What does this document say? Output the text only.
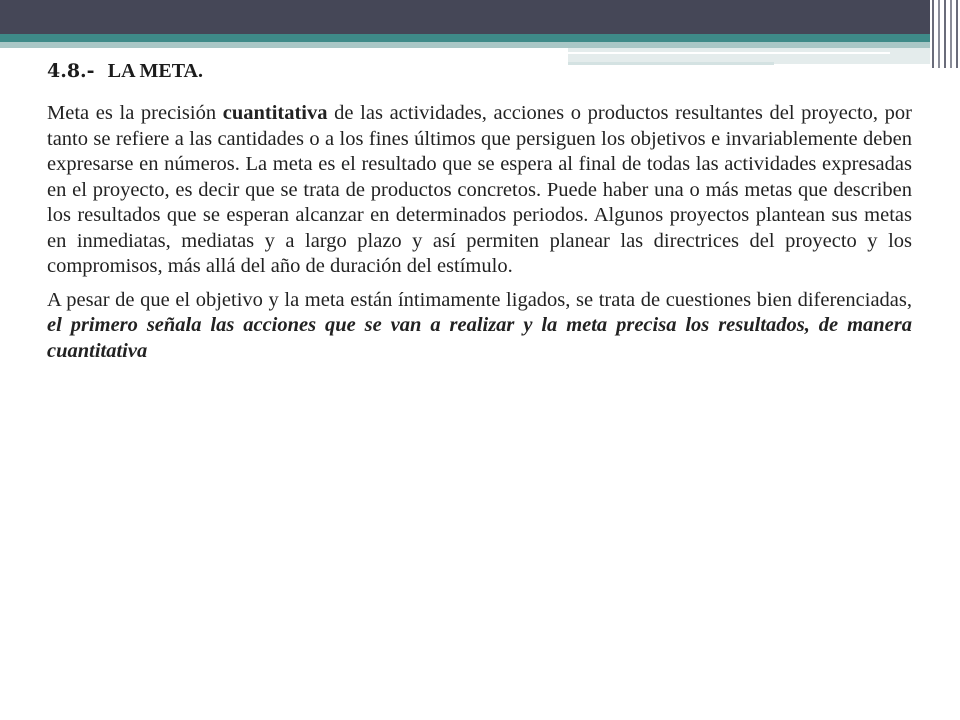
4.8.- LA META.

Meta es la precisión cuantitativa de las actividades, acciones o productos resultantes del proyecto, por tanto se refiere a las cantidades o a los fines últimos que persiguen los objetivos e invariablemente deben expresarse en números. La meta es el resultado que se espera al final de todas las actividades expresadas en el proyecto, es decir que se trata de productos concretos. Puede haber una o más metas que describen los resultados que se esperan alcanzar en determinados periodos. Algunos proyectos plantean sus metas en inmediatas, mediatas y a largo plazo y así permiten planear las directrices del proyecto y los compromisos, más allá del año de duración del estímulo.

A pesar de que el objetivo y la meta están íntimamente ligados, se trata de cuestiones bien diferenciadas, el primero señala las acciones que se van a realizar y la meta precisa los resultados, de manera cuantitativa
